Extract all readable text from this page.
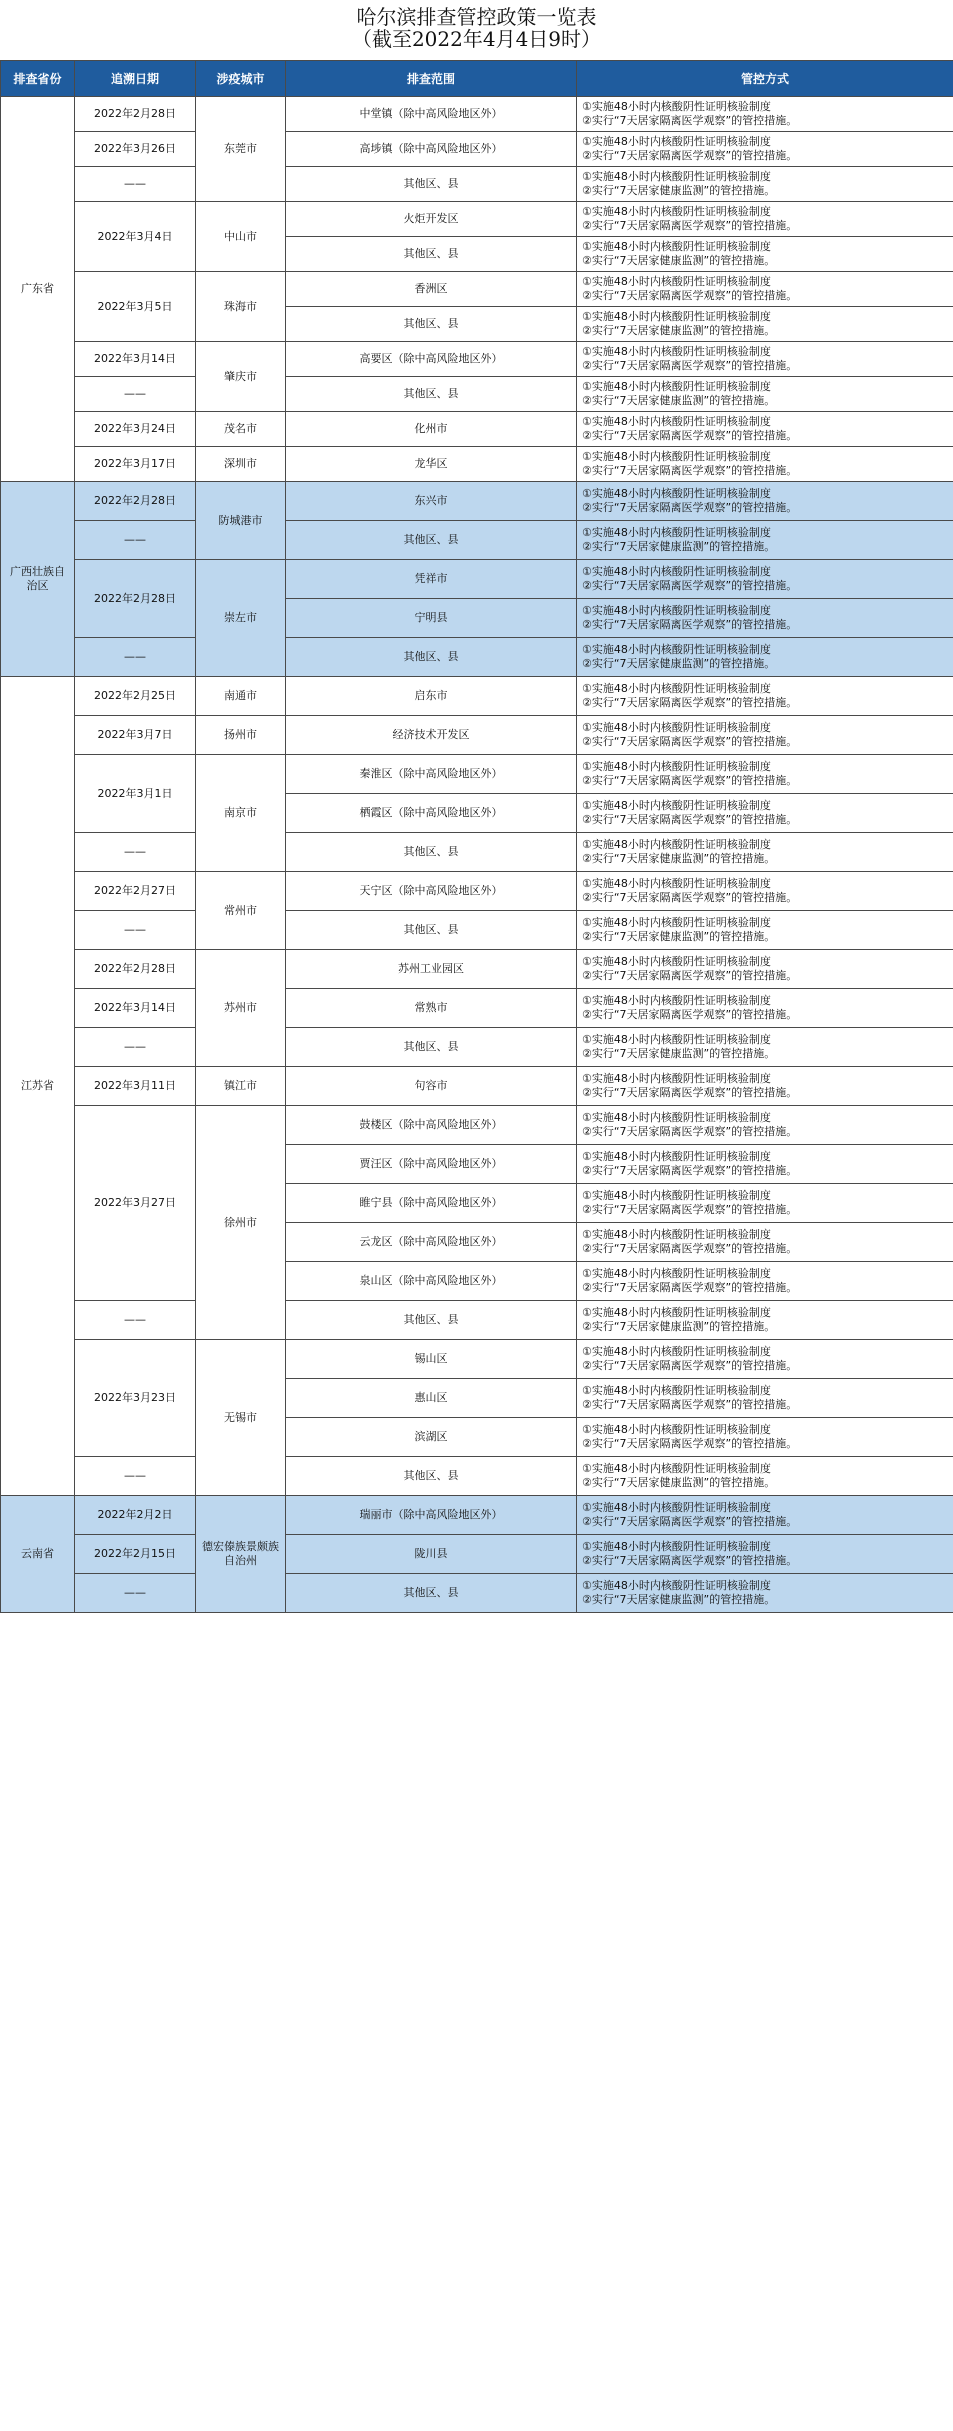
哈尔滨排查管控政策一览表
（截至2022年4月4日9时）
排查省份	追溯日期	涉疫城市	排查范围	管控方式
广东省	2022年2月28日	东莞市	中堂镇（除中高风险地区外）	①实施48小时内核酸阴性证明核验制度
②实行“7天居家隔离医学观察”的管控措施。

	2022年3月26日		高埗镇（除中高风险地区外）	①实施48小时内核酸阴性证明核验制度
②实行“7天居家隔离医学观察”的管控措施。

	——		其他区、县	①实施48小时内核酸阴性证明核验制度
②实行“7天居家健康监测”的管控措施。

	2022年3月4日	中山市	火炬开发区	①实施48小时内核酸阴性证明核验制度
②实行“7天居家隔离医学观察”的管控措施。

			其他区、县	①实施48小时内核酸阴性证明核验制度
②实行“7天居家健康监测”的管控措施。

	2022年3月5日	珠海市	香洲区	①实施48小时内核酸阴性证明核验制度
②实行“7天居家隔离医学观察”的管控措施。

			其他区、县	①实施48小时内核酸阴性证明核验制度
②实行“7天居家健康监测”的管控措施。

	2022年3月14日	肇庆市	高要区（除中高风险地区外）	①实施48小时内核酸阴性证明核验制度
②实行“7天居家隔离医学观察”的管控措施。

	——		其他区、县	①实施48小时内核酸阴性证明核验制度
②实行“7天居家健康监测”的管控措施。

	2022年3月24日	茂名市	化州市	①实施48小时内核酸阴性证明核验制度
②实行“7天居家隔离医学观察”的管控措施。

	2022年3月17日	深圳市	龙华区	①实施48小时内核酸阴性证明核验制度
②实行“7天居家隔离医学观察”的管控措施。

广西壮族自治区	2022年2月28日	防城港市	东兴市	①实施48小时内核酸阴性证明核验制度
②实行“7天居家隔离医学观察”的管控措施。

	——		其他区、县	①实施48小时内核酸阴性证明核验制度
②实行“7天居家健康监测”的管控措施。

	2022年2月28日	崇左市	凭祥市	①实施48小时内核酸阴性证明核验制度
②实行“7天居家隔离医学观察”的管控措施。

			宁明县	①实施48小时内核酸阴性证明核验制度
②实行“7天居家隔离医学观察”的管控措施。

	——		其他区、县	①实施48小时内核酸阴性证明核验制度
②实行“7天居家健康监测”的管控措施。

江苏省	2022年2月25日	南通市	启东市	①实施48小时内核酸阴性证明核验制度
②实行“7天居家隔离医学观察”的管控措施。

	2022年3月7日	扬州市	经济技术开发区	①实施48小时内核酸阴性证明核验制度
②实行“7天居家隔离医学观察”的管控措施。

	2022年3月1日	南京市	秦淮区（除中高风险地区外）	①实施48小时内核酸阴性证明核验制度
②实行“7天居家隔离医学观察”的管控措施。

			栖霞区（除中高风险地区外）	①实施48小时内核酸阴性证明核验制度
②实行“7天居家隔离医学观察”的管控措施。

	——		其他区、县	①实施48小时内核酸阴性证明核验制度
②实行“7天居家健康监测”的管控措施。

	2022年2月27日	常州市	天宁区（除中高风险地区外）	①实施48小时内核酸阴性证明核验制度
②实行“7天居家隔离医学观察”的管控措施。

	——		其他区、县	①实施48小时内核酸阴性证明核验制度
②实行“7天居家健康监测”的管控措施。

	2022年2月28日	苏州市	苏州工业园区	①实施48小时内核酸阴性证明核验制度
②实行“7天居家隔离医学观察”的管控措施。

	2022年3月14日		常熟市	①实施48小时内核酸阴性证明核验制度
②实行“7天居家隔离医学观察”的管控措施。

	——		其他区、县	①实施48小时内核酸阴性证明核验制度
②实行“7天居家健康监测”的管控措施。

	2022年3月11日	镇江市	句容市	①实施48小时内核酸阴性证明核验制度
②实行“7天居家隔离医学观察”的管控措施。

	2022年3月27日	徐州市	鼓楼区（除中高风险地区外）	①实施48小时内核酸阴性证明核验制度
②实行“7天居家隔离医学观察”的管控措施。

			贾汪区（除中高风险地区外）	①实施48小时内核酸阴性证明核验制度
②实行“7天居家隔离医学观察”的管控措施。

			睢宁县（除中高风险地区外）	①实施48小时内核酸阴性证明核验制度
②实行“7天居家隔离医学观察”的管控措施。

			云龙区（除中高风险地区外）	①实施48小时内核酸阴性证明核验制度
②实行“7天居家隔离医学观察”的管控措施。

			泉山区（除中高风险地区外）	①实施48小时内核酸阴性证明核验制度
②实行“7天居家隔离医学观察”的管控措施。

	——		其他区、县	①实施48小时内核酸阴性证明核验制度
②实行“7天居家健康监测”的管控措施。

	2022年3月23日	无锡市	锡山区	①实施48小时内核酸阴性证明核验制度
②实行“7天居家隔离医学观察”的管控措施。

			惠山区	①实施48小时内核酸阴性证明核验制度
②实行“7天居家隔离医学观察”的管控措施。

			滨湖区	①实施48小时内核酸阴性证明核验制度
②实行“7天居家隔离医学观察”的管控措施。

	——		其他区、县	①实施48小时内核酸阴性证明核验制度
②实行“7天居家健康监测”的管控措施。

云南省	2022年2月2日	德宏傣族景颇族自治州	瑞丽市（除中高风险地区外）	①实施48小时内核酸阴性证明核验制度
②实行“7天居家隔离医学观察”的管控措施。

	2022年2月15日		陇川县	①实施48小时内核酸阴性证明核验制度
②实行“7天居家隔离医学观察”的管控措施。

	——		其他区、县	①实施48小时内核酸阴性证明核验制度
②实行“7天居家健康监测”的管控措施。
